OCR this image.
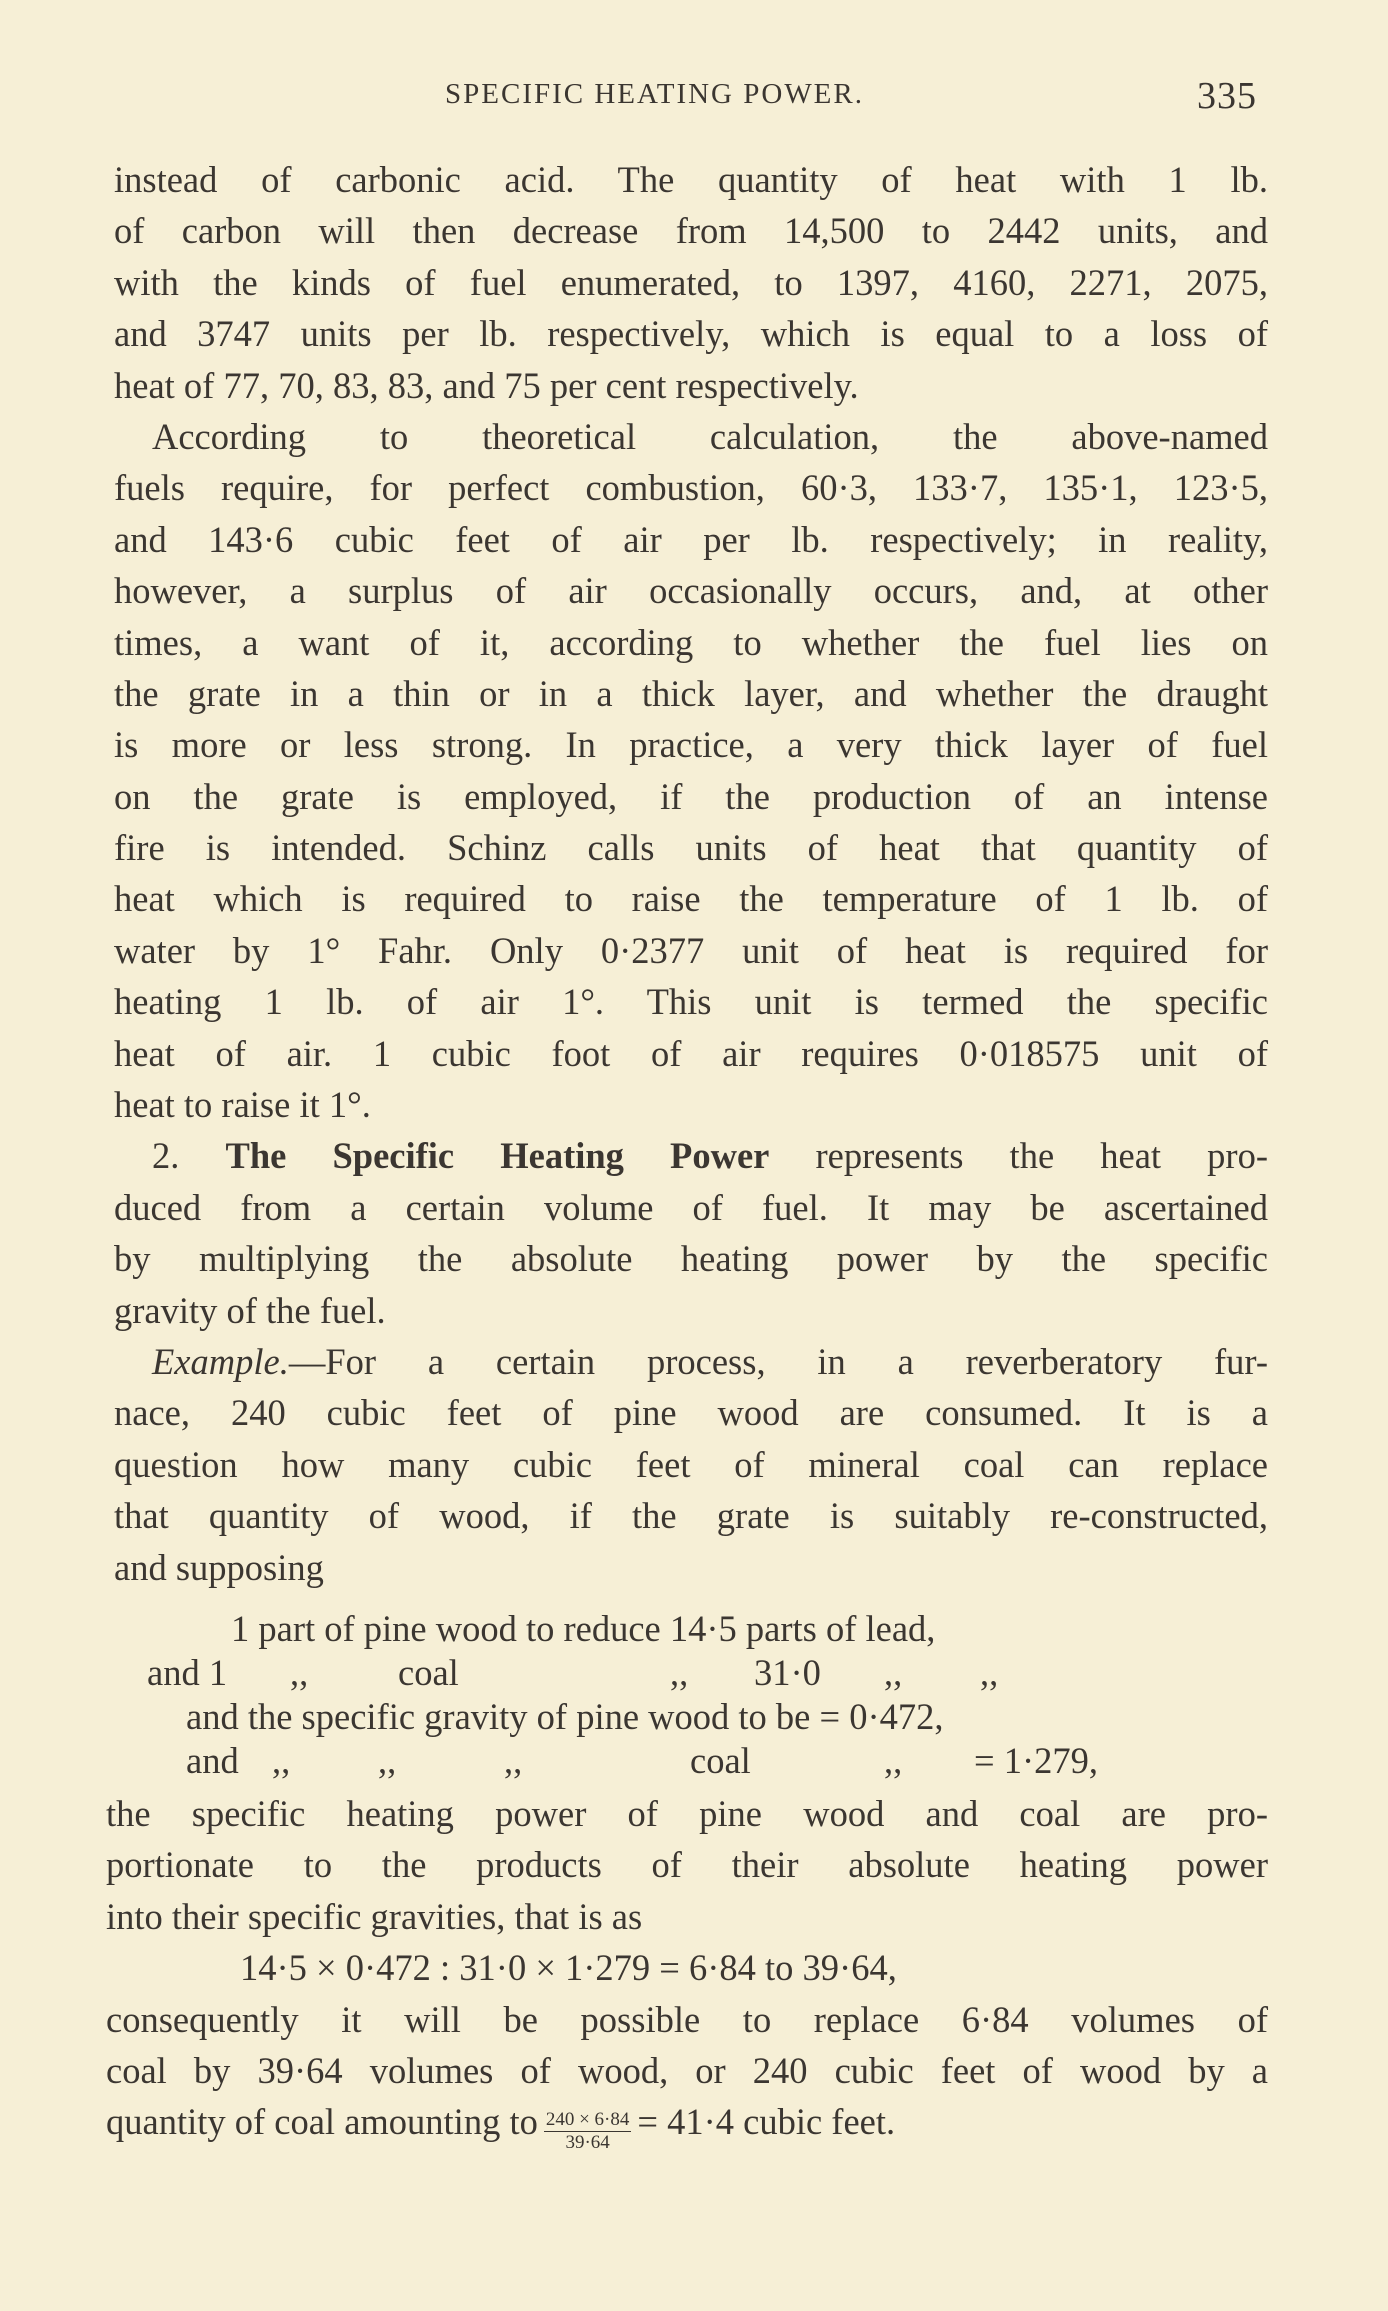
SPECIFIC HEATING POWER.	335
instead of carbonic acid. The quantity of heat with 1 lb.
of carbon will then decrease from 14,500 to 2442 units, and
with the kinds of fuel enumerated, to 1397, 4160, 2271, 2075,
and 3747 units per lb. respectively, which is equal to a loss of
heat of 77, 70, 83, 83, and 75 per cent respectively.
According to theoretical calculation, the above-named
fuels require, for perfect combustion, 60·3, 133·7, 135·1, 123·5,
and 143·6 cubic feet of air per lb. respectively; in reality,
however, a surplus of air occasionally occurs, and, at other
times, a want of it, according to whether the fuel lies on
the grate in a thin or in a thick layer, and whether the draught
is more or less strong. In practice, a very thick layer of fuel
on the grate is employed, if the production of an intense
fire is intended. Schinz calls units of heat that quantity of
heat which is required to raise the temperature of 1 lb. of
water by 1° Fahr. Only 0·2377 unit of heat is required for
heating 1 lb. of air 1°. This unit is termed the specific
heat of air. 1 cubic foot of air requires 0·018575 unit of
heat to raise it 1°.
2. The Specific Heating Power represents the heat pro-
duced from a certain volume of fuel. It may be ascertained
by multiplying the absolute heating power by the specific
gravity of the fuel.
Example.—For a certain process, in a reverberatory fur-
nace, 240 cubic feet of pine wood are consumed. It is a
question how many cubic feet of mineral coal can replace
that quantity of wood, if the grate is suitably re-constructed,
and supposing
1 part of pine wood to reduce 14·5 parts of lead,
and 1 ,, coal	,, 31·0 ,, ,,
and the specific gravity of pine wood to be = 0·472,
and ,, ,,	,,	coal	,, = 1·279,
the specific heating power of pine wood and coal are pro-
portionate to the products of their absolute heating power
into their specific gravities, that is as
14·5 × 0·472 : 31·0 × 1·279 = 6·84 to 39·64,
consequently it will be possible to replace 6·84 volumes of
coal by 39·64 volumes of wood, or 240 cubic feet of wood by a
quantity of coal amounting to $\frac{240 \times 6\cdot 84}{39\cdot 64} = 41\cdot 4$ cubic feet.
